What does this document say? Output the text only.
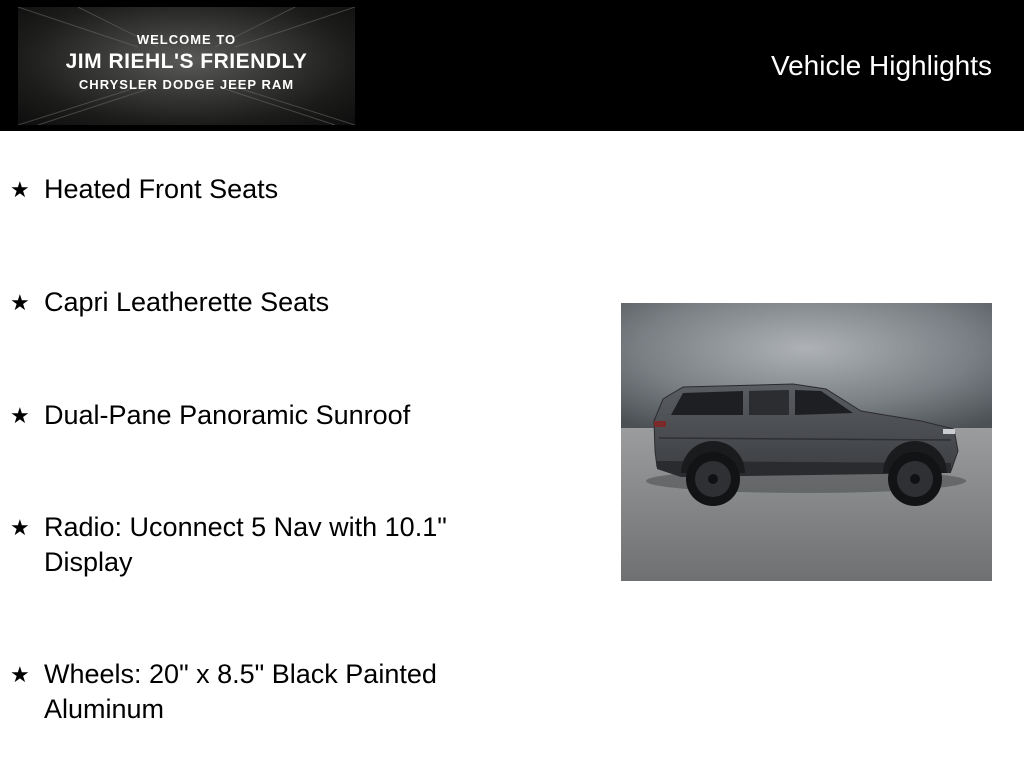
WELCOME TO
JIM RIEHL'S FRIENDLY
CHRYSLER DODGE JEEP RAM
Vehicle Highlights
★ Heated Front Seats
★ Capri Leatherette Seats
★ Dual-Pane Panoramic Sunroof
★ Radio: Uconnect 5 Nav with 10.1" Display
★ Wheels: 20" x 8.5" Black Painted Aluminum
